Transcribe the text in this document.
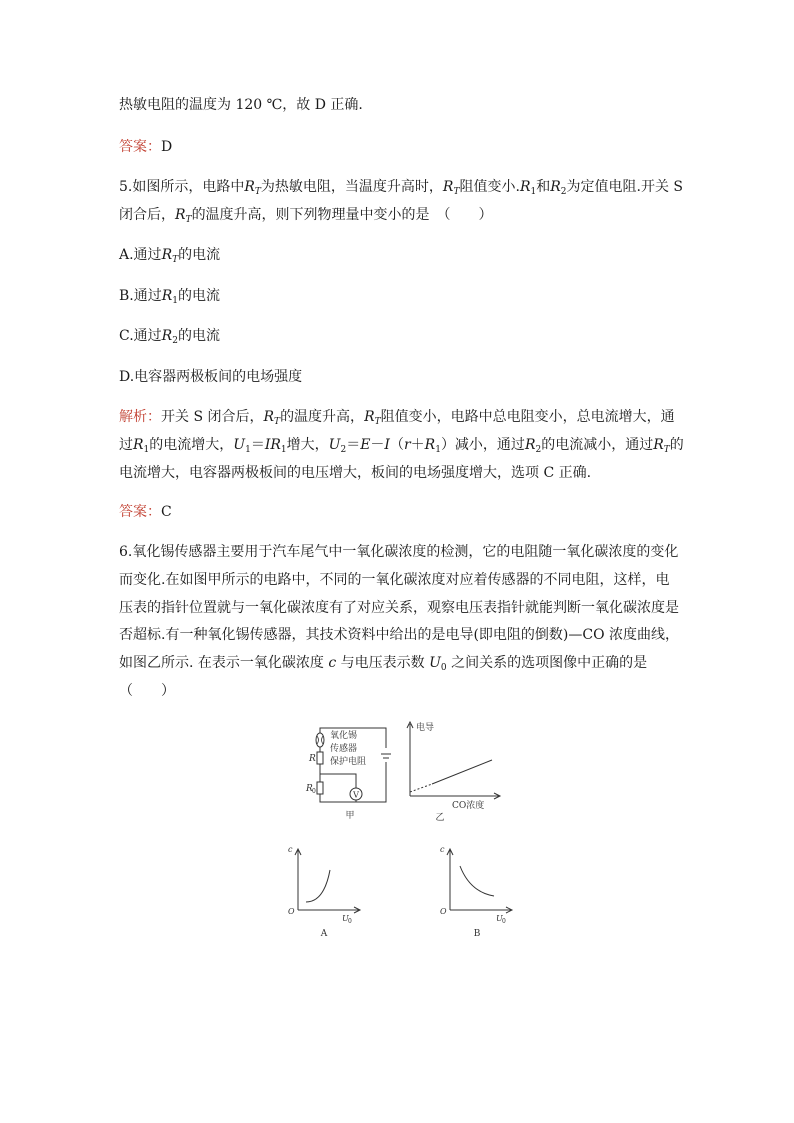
热敏电阻的温度为 120 ℃，故 D 正确.
答案：D
5.如图所示，电路中$R_T$为热敏电阻，当温度升高时，$R_T$阻值变小$.R_1$和$R_2$为定值电阻.开关 S
闭合后，$R_T$的温度升高，则下列物理量中变小的是　（　　）
A.通过$R_T$的电流
B.通过$R_1$的电流
C.通过$R_2$的电流
D.电容器两极板间的电场强度
解析：开关 S 闭合后，$R_T$的温度升高，$R_T$阻值变小，电路中总电阻变小，总电流增大，通
过$R_1$的电流增大，$U_1=IR_1$增大，$U_2=E-I(r+R_1)$减小，通过$R_2$的电流减小，通过$R_T$的
电流增大，电容器两极板间的电压增大，板间的电场强度增大，选项 C 正确.
答案：C
6.氧化锡传感器主要用于汽车尾气中一氧化碳浓度的检测，它的电阻随一氧化碳浓度的变化
而变化.在如图甲所示的电路中，不同的一氧化碳浓度对应着传感器的不同电阻，这样，电
压表的指针位置就与一氧化碳浓度有了对应关系，观察电压表指针就能判断一氧化碳浓度是
否超标.有一种氧化锡传感器，其技术资料中给出的是电导(即电阻的倒数)—CO 浓度曲线，
如图乙所示. 在表示一氧化碳浓度 c 与电压表示数 $U_0$ 之间关系的选项图像中正确的是
（　　）
V
氧化锡
传感器
保护电阻
R
R 0
甲
电导
CO浓度
乙
c
O
U 0
A
c
O
U 0
B
